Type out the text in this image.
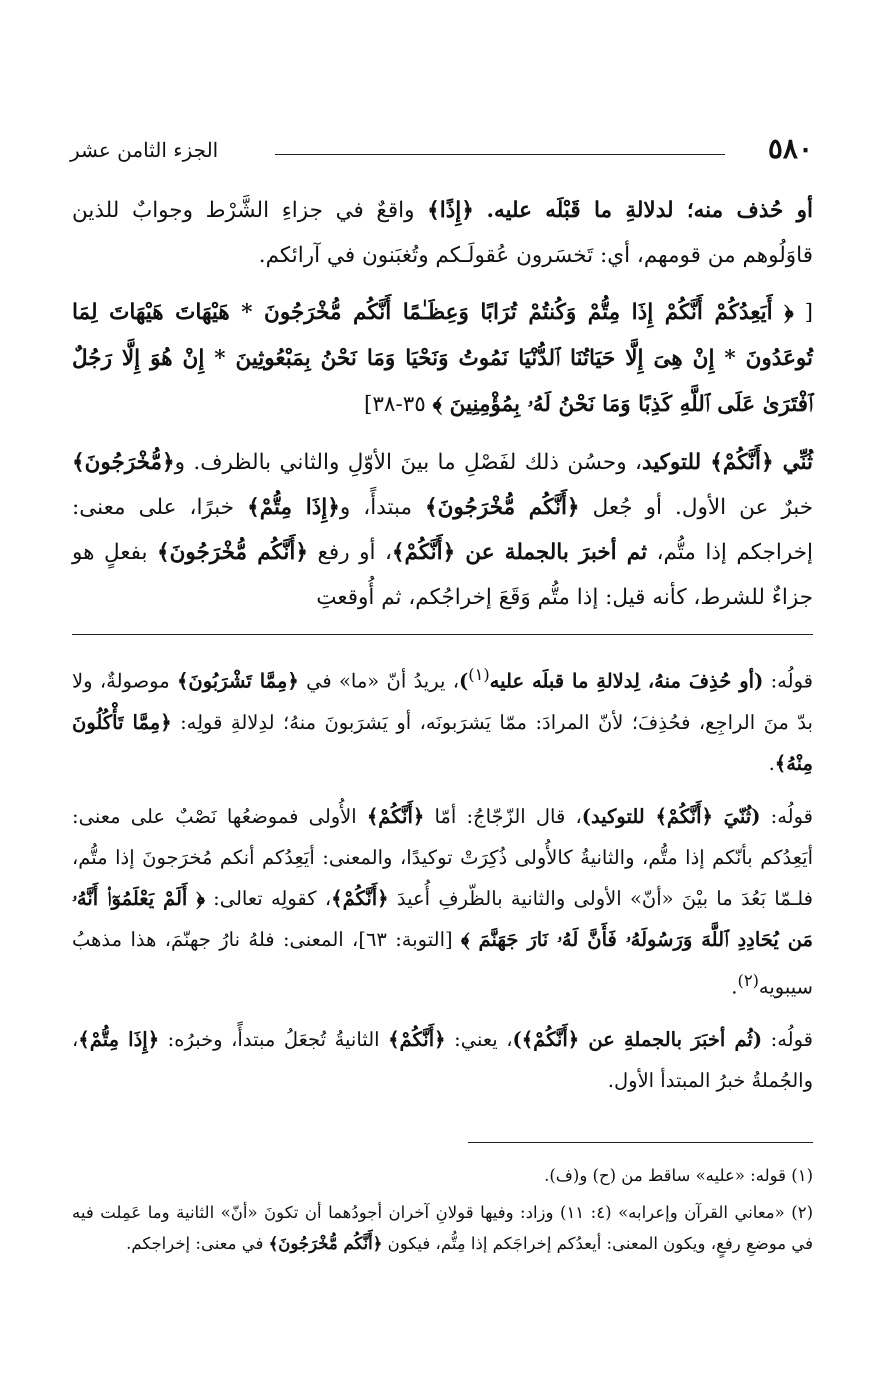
٥٨٠
الجزء الثامن عشر

أو حُذف منه؛ لدلالةِ ما قَبْلَه عليه. ﴿إِذًا﴾ واقعٌ في جزاءِ الشَّرْط وجوابٌ للذين قاوَلُوهم من قومهم، أي: تَخسَرون عُقولَـكم وتُغبَنون في آرائكم.

[ ﴿ أَيَعِدُكُمْ أَنَّكُمْ إِذَا مِتُّمْ وَكُنتُمْ تُرَابًا وَعِظَـٰمًا أَنَّكُم مُّخْرَجُونَ * هَيْهَاتَ هَيْهَاتَ لِمَا تُوعَدُونَ * إِنْ هِىَ إِلَّا حَيَاتُنَا ٱلدُّنْيَا نَمُوتُ وَنَحْيَا وَمَا نَحْنُ بِمَبْعُوثِينَ * إِنْ هُوَ إِلَّا رَجُلٌ ٱفْتَرَىٰ عَلَى ٱللَّهِ كَذِبًا وَمَا نَحْنُ لَهُۥ بِمُؤْمِنِينَ ﴾ ٣٥-٣٨]

ثُنِّي ﴿أَنَّكُمْ﴾ للتوكيد، وحسُن ذلك لفَصْلِ ما بينَ الأوّلِ والثاني بالظرف. و﴿مُّخْرَجُونَ﴾ خبرٌ عن الأول. أو جُعل ﴿أَنَّكُم مُّخْرَجُونَ﴾ مبتدأً، و﴿إِذَا مِتُّمْ﴾ خبرًا، على معنى: إخراجكم إذا متُّم، ثم أخبرَ بالجملة عن ﴿أَنَّكُمْ﴾، أو رفع ﴿أَنَّكُم مُّخْرَجُونَ﴾ بفعلٍ هو جزاءٌ للشرط، كأنه قيل: إذا متُّم وَقَعَ إخراجُكم، ثم أُوقعتِ

قولُه: (أو حُذِفَ منهُ، لِدلالةِ ما قبلَه عليه$^{(١)}$)، يريدُ أنّ «ما» في ﴿مِمَّا تَشْرَبُونَ﴾ موصولةٌ، ولا بدّ منَ الراجِع، فحُذِفَ؛ لأنّ المرادَ: ممّا يَشرَبونَه، أو يَشرَبونَ منهُ؛ لدِلالةِ قولِه: ﴿مِمَّا تَأْكُلُونَ مِنْهُ﴾.

قولُه: (ثُنّيَ ﴿أَنَّكُمْ﴾ للتوكيد)، قال الزّجّاجُ: أمّا ﴿أَنَّكُمْ﴾ الأُولى فموضعُها نَصْبٌ على معنى: أيَعِدُكم بأنّكم إذا متُّم، والثانيةُ كالأُولى ذُكِرَتْ توكيدًا، والمعنى: أيَعِدُكم أنكم مُخرَجونَ إذا متُّم، فلـمّا بَعُدَ ما بيْنَ «أنّ» الأولى والثانية بالظّرفِ أُعيدَ ﴿أَنَّكُمْ﴾، كقولِه تعالى: ﴿ أَلَمْ يَعْلَمُوٓا۟ أَنَّهُۥ مَن يُحَادِدِ ٱللَّهَ وَرَسُولَهُۥ فَأَنَّ لَهُۥ نَارَ جَهَنَّمَ ﴾ [التوبة: ٦٣]، المعنى: فلهُ نارُ جهنّمَ، هذا مذهبُ سيبويه$^{(٢)}$.

قولُه: (ثُم أخبَرَ بالجملةِ عن ﴿أَنَّكُمْ﴾)، يعني: ﴿أَنَّكُمْ﴾ الثانيةُ تُجعَلُ مبتدأً، وخبرُه: ﴿إِذَا مِتُّمْ﴾، والجُملةُ خبرُ المبتدأ الأول.

(١) قوله: «عليه» ساقط من (ح) و(ف).

(٢) «معاني القرآن وإعرابه» (٤: ١١) وزاد: وفيها قولانِ آخران أجودُهما أن تكونَ «أنّ» الثانية وما عَمِلت فيه في موضعِ رفعٍ، ويكون المعنى: أيعدُكم إخراجَكم إذا مِتُّم، فيكون ﴿أَنَّكُم مُّخْرَجُونَ﴾ في معنى: إخراجكم.
